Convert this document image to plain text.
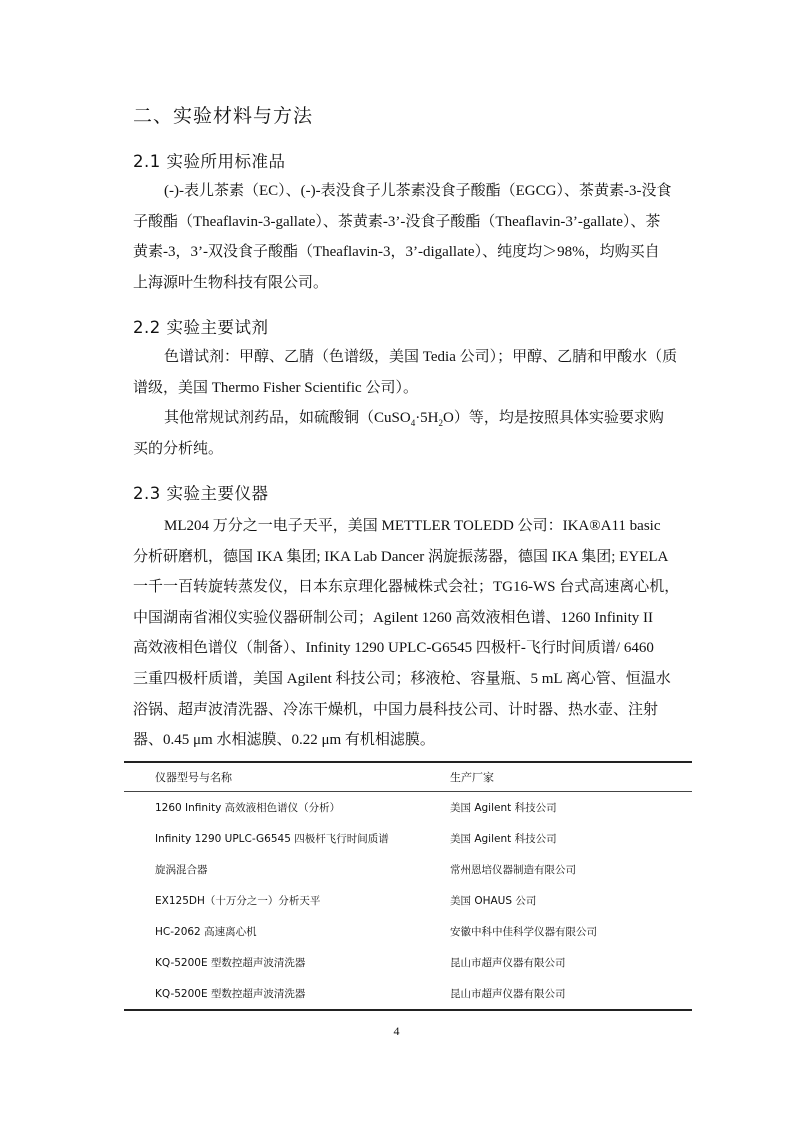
二、实验材料与方法
2.1 实验所用标准品
(-)-表儿茶素（EC）、(-)-表没食子儿茶素没食子酸酯（EGCG）、茶黄素-3-没食
子酸酯（Theaflavin-3-gallate）、茶黄素-3’-没食子酸酯（Theaflavin-3’-gallate）、茶
黄素-3，3’-双没食子酸酯（Theaflavin-3，3’-digallate）、纯度均＞98%，均购买自
上海源叶生物科技有限公司。
2.2 实验主要试剂
色谱试剂：甲醇、乙腈（色谱级，美国 Tedia 公司）；甲醇、乙腈和甲酸水（质
谱级，美国 Thermo Fisher Scientific 公司）。
其他常规试剂药品，如硫酸铜$(CuSO_4\cdot 5H_2O)$等，均是按照具体实验要求购
买的分析纯。
2.3 实验主要仪器
ML204 万分之一电子天平，美国 METTLER TOLEDD 公司：IKA®A11 basic
分析研磨机，德国 IKA 集团; IKA Lab Dancer 涡旋振荡器，德国 IKA 集团; EYELA
一千一百转旋转蒸发仪，日本东京理化器械株式会社；TG16-WS 台式高速离心机，
中国湖南省湘仪实验仪器研制公司；Agilent 1260 高效液相色谱、1260 Infinity II
高效液相色谱仪（制备）、Infinity 1290 UPLC-G6545 四极杆-飞行时间质谱/ 6460
三重四极杆质谱，美国 Agilent 科技公司；移液枪、容量瓶、5 mL 离心管、恒温水
浴锅、超声波清洗器、冷冻干燥机，中国力晨科技公司、计时器、热水壶、注射
器、0.45 μm 水相滤膜、0.22 μm 有机相滤膜。
仪器型号与名称	生产厂家
1260 Infinity 高效液相色谱仪（分析）	美国 Agilent 科技公司
Infinity 1290 UPLC-G6545 四极杆飞行时间质谱	美国 Agilent 科技公司
旋涡混合器	常州恩培仪器制造有限公司
EX125DH（十万分之一）分析天平	美国 OHAUS 公司
HC-2062 高速离心机	安徽中科中佳科学仪器有限公司
KQ-5200E 型数控超声波清洗器	昆山市超声仪器有限公司
KQ-5200E 型数控超声波清洗器	昆山市超声仪器有限公司
4
